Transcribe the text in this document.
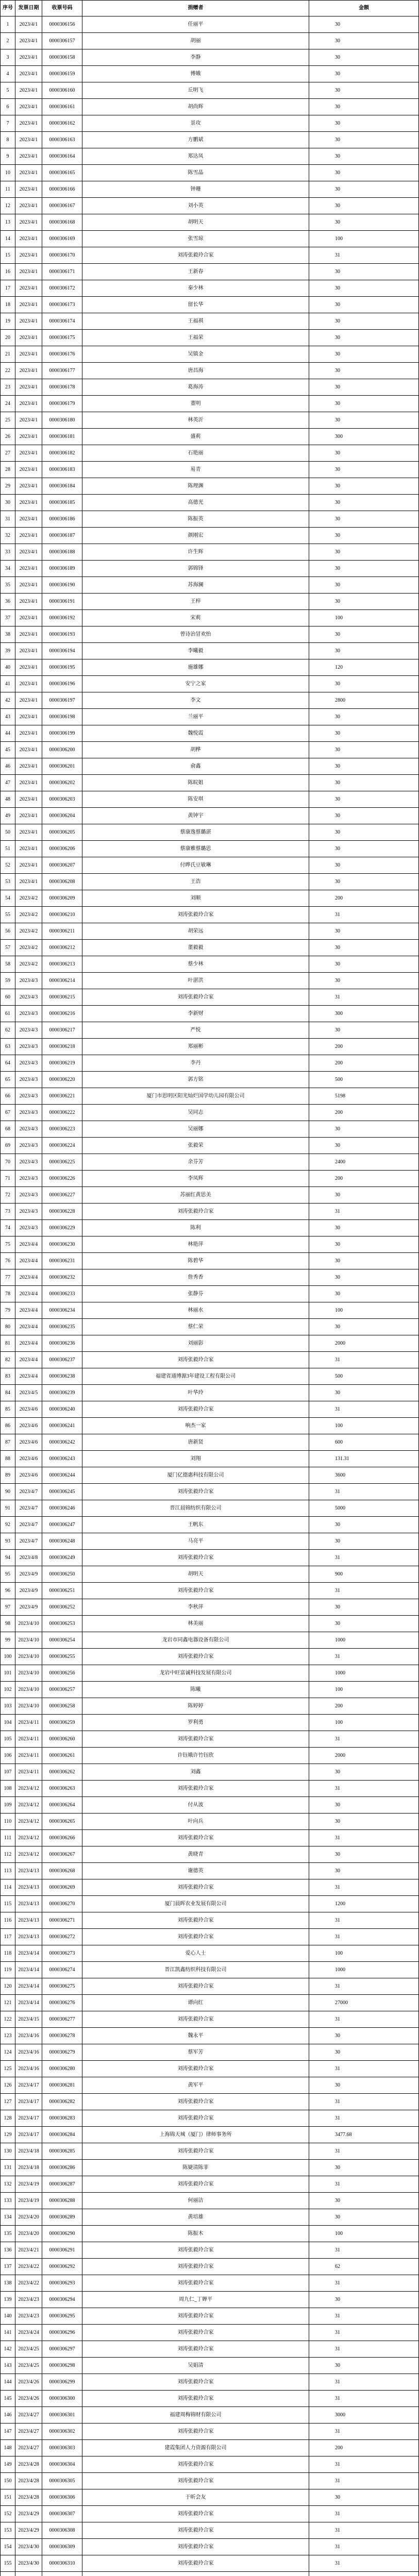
序号	发票日期	收票号码	捐赠者	金额
1	2023/4/1	0000306156	任丽平	30
2	2023/4/1	0000306157	胡丽	30
3	2023/4/1	0000306158	李静	30
4	2023/4/1	0000306159	傅娥	30
5	2023/4/1	0000306160	丘明飞	30
6	2023/4/1	0000306161	胡尚辉	30
7	2023/4/1	0000306162	景攻	30
8	2023/4/1	0000306163	方鹏斌	30
9	2023/4/1	0000306164	郑达凤	30
10	2023/4/1	0000306165	陈雪晶	30
11	2023/4/1	0000306166	钟珊	30
12	2023/4/1	0000306167	刘小英	30
13	2023/4/1	0000306168	胡明天	30
14	2023/4/1	0000306169	张雪琼	100
15	2023/4/1	0000306170	刘涛张毅玲合家	31
16	2023/4/1	0000306171	王新春	30
17	2023/4/1	0000306172	秦少林	30
18	2023/4/1	0000306173	留长华	30
19	2023/4/1	0000306174	王福祺	30
20	2023/4/1	0000306175	王福荣	30
21	2023/4/1	0000306176	吴镇金	30
22	2023/4/1	0000306177	唐昌海	30
23	2023/4/1	0000306178	葛海涛	30
24	2023/4/1	0000306179	董明	30
25	2023/4/1	0000306180	林英沂	30
26	2023/4/1	0000306181	盛莉	300
27	2023/4/1	0000306182	石艳丽	30
28	2023/4/1	0000306183	易青	30
29	2023/4/1	0000306184	陈理渊	30
30	2023/4/1	0000306185	高德光	30
31	2023/4/1	0000306186	陈振英	30
32	2023/4/1	0000306187	颜刚宏	30
33	2023/4/1	0000306188	许生辉	30
34	2023/4/1	0000306189	郭锦锋	30
35	2023/4/1	0000306190	苏海澜	30
36	2023/4/1	0000306191	王梓	30
37	2023/4/1	0000306192	宋莉	100
38	2023/4/1	0000306193	曾诗治冒欢怡	30
39	2023/4/1	0000306194	李曦毅	30
40	2023/4/1	0000306195	施雄娜	120
41	2023/4/1	0000306196	安宁之家	30
42	2023/4/1	0000306197	李文	2800
43	2023/4/1	0000306198	兰丽平	30
44	2023/4/1	0000306199	魏悦霞	30
45	2023/4/1	0000306200	胡桦	30
46	2023/4/1	0000306201	俞鑫	30
47	2023/4/1	0000306202	陈皖姐	30
48	2023/4/1	0000306203	陈安琪	30
49	2023/4/1	0000306204	黄钟宇	30
50	2023/4/1	0000306205	蔡康逸蔡璐湛	30
51	2023/4/1	0000306206	蔡康雅蔡璐思	30
52	2023/4/1	0000306207	付晔氏豆敏琳	30
53	2023/4/1	0000306208	王浩	30
54	2023/4/2	0000306209	刘顺	200
55	2023/4/2	0000306210	刘涛张毅玲合家	31
56	2023/4/2	0000306211	胡荣远	30
57	2023/4/2	0000306212	董毅毅	30
58	2023/4/2	0000306213	蔡少林	30
59	2023/4/3	0000306214	叶湛洪	30
60	2023/4/3	0000306215	刘涛张毅玲合家	31
61	2023/4/3	0000306216	李新财	300
62	2023/4/3	0000306217	严悦	30
63	2023/4/3	0000306218	郑丽彬	200
64	2023/4/3	0000306219	李丹	200
65	2023/4/3	0000306220	郭方铭	500
66	2023/4/3	0000306221	厦门市思明区阳光灿烂国学幼儿园有限公司	5198
67	2023/4/3	0000306222	吴同志	200
68	2023/4/3	0000306223	吴丽娜	30
69	2023/4/3	0000306224	张毅荣	30
70	2023/4/3	0000306225	余芬芳	2400
71	2023/4/3	0000306226	李凤辉	200
72	2023/4/3	0000306227	苏丽红黄思美	30
73	2023/4/3	0000306228	刘涛张毅玲合家	31
74	2023/4/3	0000306229	陈利	30
75	2023/4/4	0000306230	林艳萍	30
76	2023/4/4	0000306231	陈碧华	30
77	2023/4/4	0000306232	詹秀香	30
78	2023/4/4	0000306233	张静芬	30
79	2023/4/4	0000306234	林丽水	100
80	2023/4/4	0000306235	蔡仁荣	30
81	2023/4/4	0000306236	刘丽影	2000
82	2023/4/4	0000306237	刘涛张毅玲合家	31
83	2023/4/4	0000306238	福建省通博源3年建设工程有限公司	500
84	2023/4/5	0000306239	叶华玲	30
85	2023/4/6	0000306240	刘涛张毅玲合家	31
86	2023/4/6	0000306241	响杰一家	100
87	2023/4/6	0000306242	唐新贤	600
88	2023/4/6	0000306243	刘翔	131.31
89	2023/4/6	0000306244	厦门亿德惠科技有限公司	3600
90	2023/4/7	0000306245	刘涛张毅玲合家	31
91	2023/4/7	0000306246	晋江晨锦纺织有限公司	5000
92	2023/4/7	0000306247	王帆东	30
93	2023/4/7	0000306248	马亮平	30
94	2023/4/8	0000306249	刘涛张毅玲合家	31
95	2023/4/9	0000306250	胡明天	900
96	2023/4/9	0000306251	刘涛张毅玲合家	31
97	2023/4/9	0000306252	李秋萍	30
98	2023/4/10	0000306253	林美丽	30
99	2023/4/10	0000306254	龙岩市同鑫电器设备有限公司	1000
100	2023/4/10	0000306255	刘涛张毅玲合家	31
101	2023/4/10	0000306256	龙岩中旺富诚科技发展有限公司	1000
102	2023/4/10	0000306257	陈曦	100
103	2023/4/10	0000306258	陈婷婷	200
104	2023/4/11	0000306259	罗利勇	100
105	2023/4/11	0000306260	刘涛张毅玲合家	31
106	2023/4/11	0000306261	许钰娥许竹钰欣	2000
107	2023/4/11	0000306262	刘鑫	30
108	2023/4/12	0000306263	刘涛张毅玲合家	31
109	2023/4/12	0000306264	付从波	30
110	2023/4/12	0000306265	叶向兵	30
111	2023/4/12	0000306266	刘涛张毅玲合家	31
112	2023/4/12	0000306267	黄晓青	30
113	2023/4/13	0000306268	谢德英	30
114	2023/4/13	0000306269	刘涛张毅玲合家	31
115	2023/4/13	0000306270	厦门晨晖农业发展有限公司	1200
116	2023/4/13	0000306271	刘涛张毅玲合家	31
117	2023/4/13	0000306272	刘涛张毅玲合家	31
118	2023/4/14	0000306273	爱心人士	100
119	2023/4/14	0000306274	晋江凯鑫纺织科技有限公司	1000
120	2023/4/14	0000306275	刘涛张毅玲合家	31
121	2023/4/14	0000306276	谭向红	27000
122	2023/4/15	0000306277	刘涛张毅玲合家	31
123	2023/4/16	0000306278	魏永平	30
124	2023/4/16	0000306279	蔡军芳	30
125	2023/4/16	0000306280	刘涛张毅玲合家	31
126	2023/4/17	0000306281	黄军平	30
127	2023/4/17	0000306282	刘涛张毅玲合家	31
128	2023/4/17	0000306283	刘涛张毅玲合家	31
129	2023/4/17	0000306284	上海锦天城（厦门）律师事务所	3477.68
130	2023/4/18	0000306285	刘涛张毅玲合家	31
131	2023/4/18	0000306286	陈婕清陈菲	30
132	2023/4/19	0000306287	刘涛张毅玲合家	31
133	2023/4/19	0000306288	何丽洁	30
134	2023/4/20	0000306289	黄培雄	30
135	2023/4/20	0000306290	陈振木	100
136	2023/4/21	0000306291	刘涛张毅玲合家	31
137	2023/4/22	0000306292	刘涛张毅玲合家	62
138	2023/4/22	0000306293	刘涛张毅玲合家	31
139	2023/4/23	0000306294	周九仁_丁婵平	30
140	2023/4/23	0000306295	刘涛张毅玲合家	31
141	2023/4/24	0000306296	刘涛张毅玲合家	31
142	2023/4/25	0000306297	刘涛张毅玲合家	31
143	2023/4/25	0000306298	吴娟清	30
144	2023/4/26	0000306299	刘涛张毅玲合家	31
145	2023/4/26	0000306300	刘涛张毅玲合家	31
146	2023/4/27	0000306301	福建周梅锦财有限公司	3000
147	2023/4/27	0000306302	刘涛张毅玲合家	31
148	2023/4/27	0000306303	建霞集团人力资源有限公司	200
149	2023/4/28	0000306304	刘涛张毅玲合家	31
150	2023/4/28	0000306305	刘涛张毅玲合家	31
151	2023/4/28	0000306306	于昕会友	30
152	2023/4/29	0000306307	刘涛张毅玲合家	31
153	2023/4/29	0000306308	刘涛张毅玲合家	31
154	2023/4/30	0000306309	刘涛张毅玲合家	31
155	2023/4/30	0000306310	刘涛张毅玲合家	31
